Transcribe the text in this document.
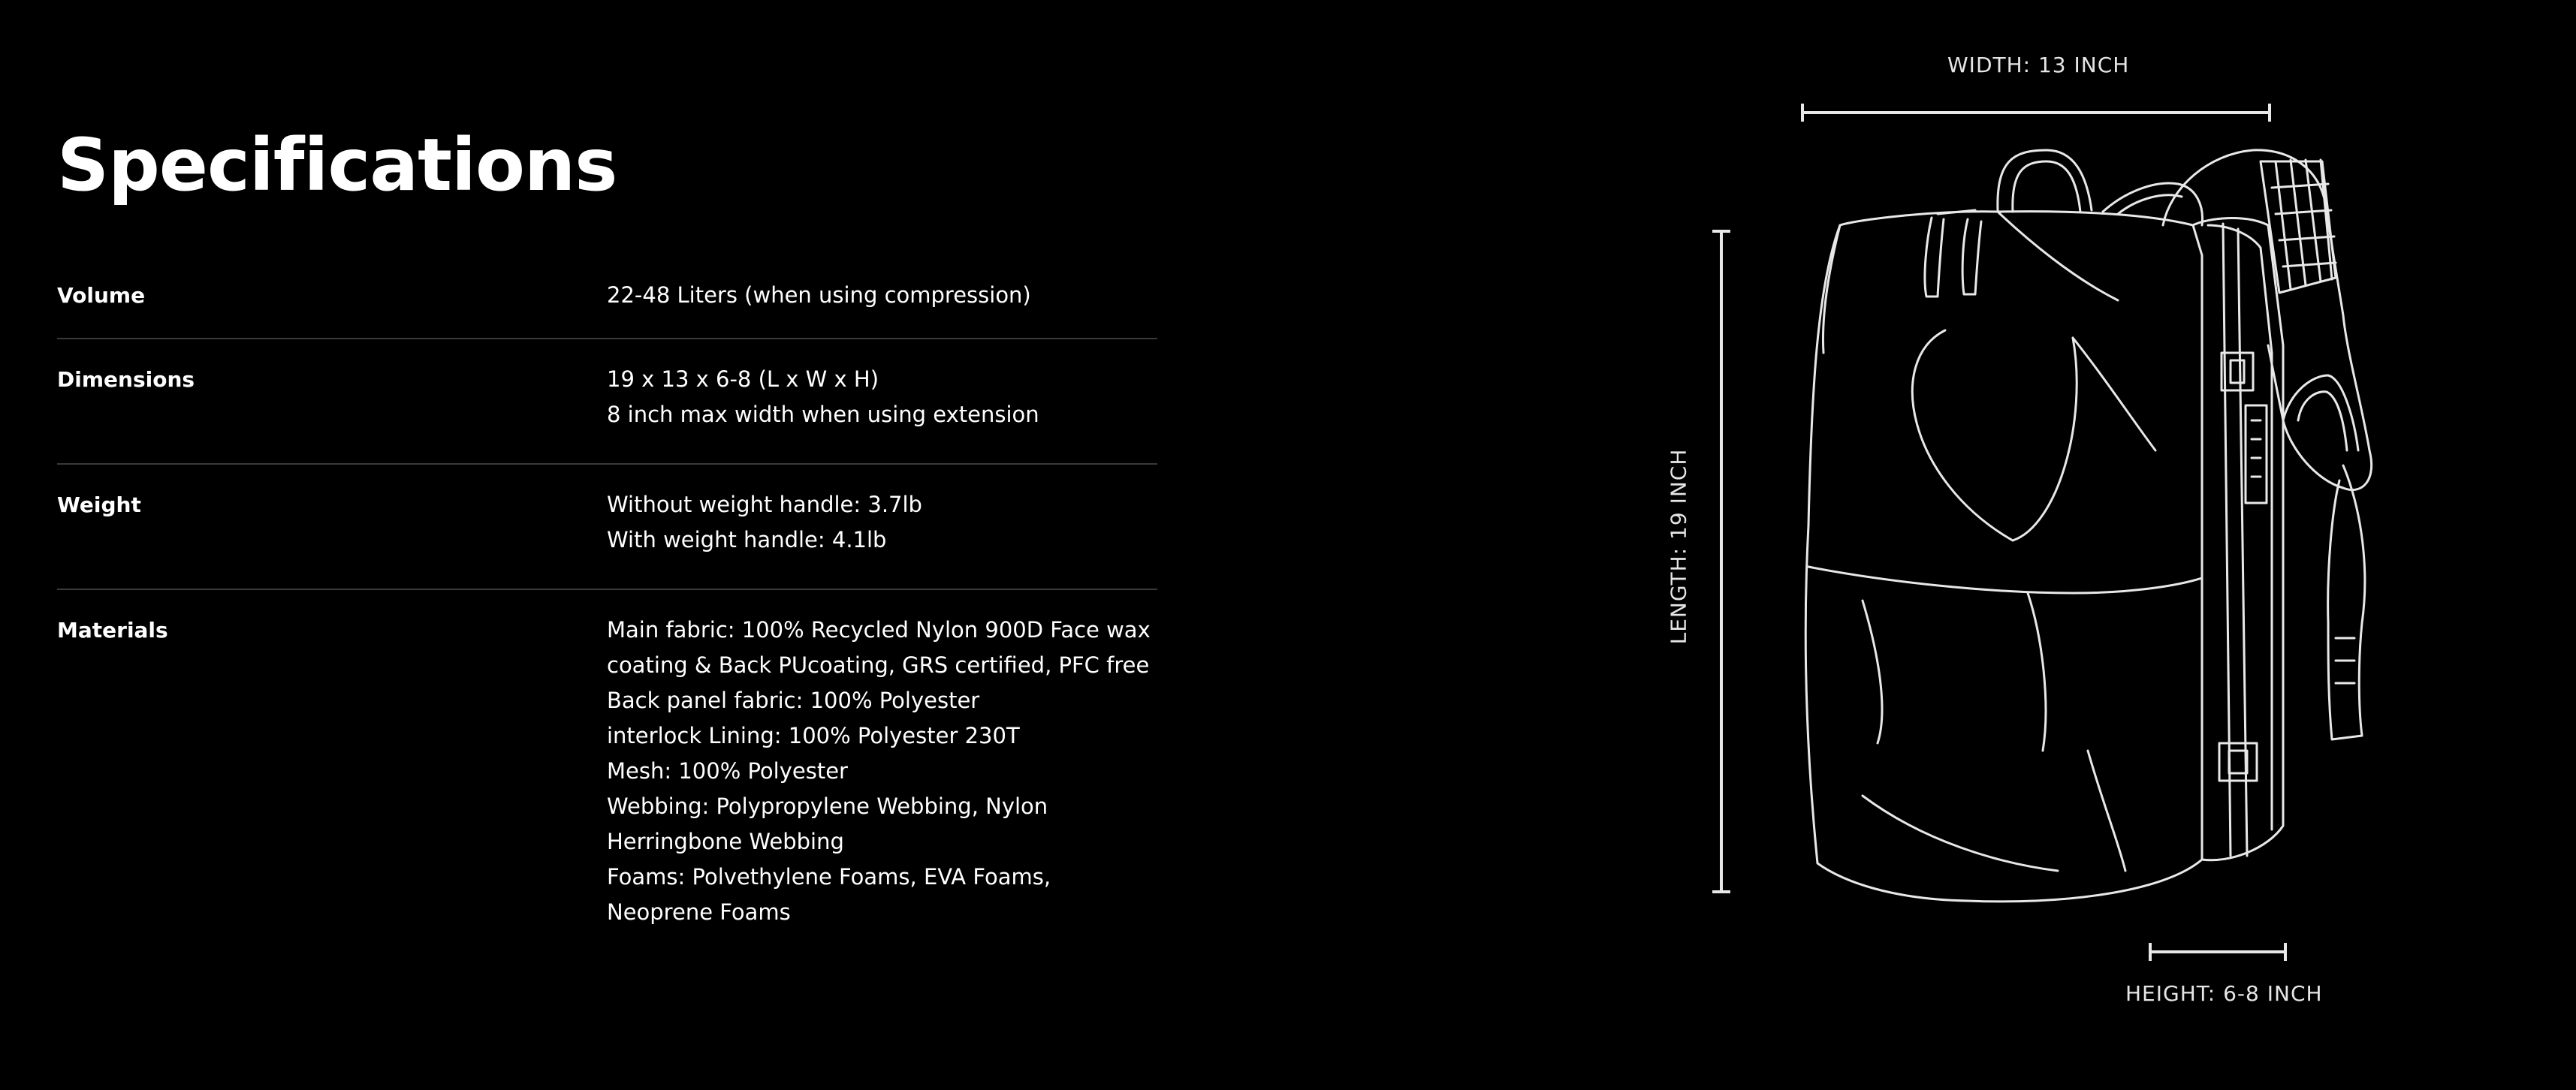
Specifications
Volume	22-48 Liters (when using compression)
Dimensions	19 x 13 x 6-8 (L x W x H)
8 inch max width when using extension
Weight	Without weight handle: 3.7lb
With weight handle: 4.1lb
Materials	Main fabric: 100% Recycled Nylon 900D Face wax
coating & Back PUcoating, GRS certified, PFC free
Back panel fabric: 100% Polyester
interlock Lining: 100% Polyester 230T
Mesh: 100% Polyester
Webbing: Polypropylene Webbing, Nylon
Herringbone Webbing
Foams: Polvethylene Foams, EVA Foams,
Neoprene Foams
WIDTH: 13 INCH
LENGTH: 19 INCH
HEIGHT: 6-8 INCH
